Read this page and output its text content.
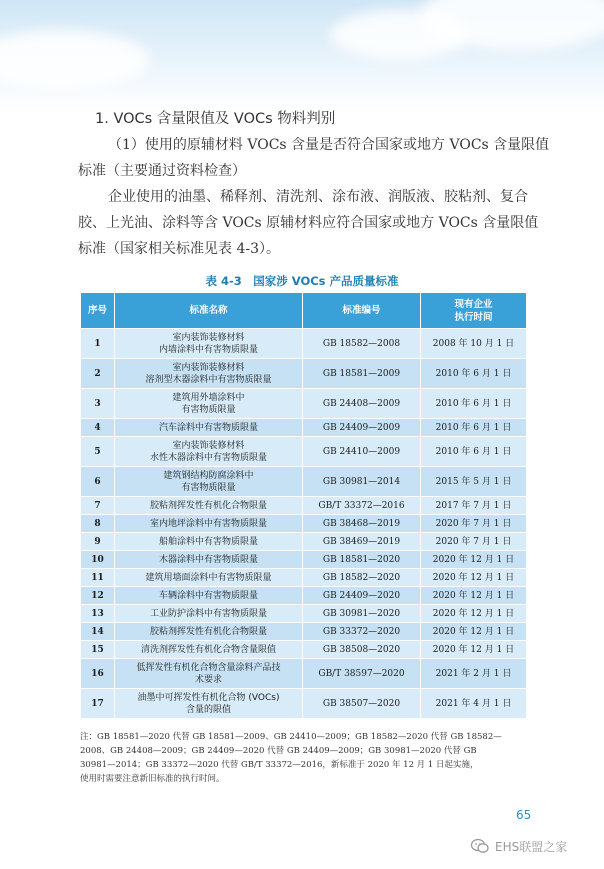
1. VOCs 含量限值及 VOCs 物料判别
（1）使用的原辅材料 VOCs 含量是否符合国家或地方 VOCs 含量限值
标准（主要通过资料检查）
企业使用的油墨、稀释剂、清洗剂、涂布液、润版液、胶粘剂、复合
胶、上光油、涂料等含 VOCs 原辅材料应符合国家或地方 VOCs 含量限值
标准（国家相关标准见表 4-3）。
表 4-3　国家涉 VOCs 产品质量标准
序号	标准名称	标准编号	现有企业
执行时间
1	室内装饰装修材料
内墙涂料中有害物质限量	GB 18582—2008	2008 年 10 月 1 日
2	室内装饰装修材料
溶剂型木器涂料中有害物质限量	GB 18581—2009	2010 年 6 月 1 日
3	建筑用外墙涂料中
有害物质限量	GB 24408—2009	2010 年 6 月 1 日
4	汽车涂料中有害物质限量	GB 24409—2009	2010 年 6 月 1 日
5	室内装饰装修材料
水性木器涂料中有害物质限量	GB 24410—2009	2010 年 6 月 1 日
6	建筑钢结构防腐涂料中
有害物质限量	GB 30981—2014	2015 年 5 月 1 日
7	胶粘剂挥发性有机化合物限量	GB/T 33372—2016	2017 年 7 月 1 日
8	室内地坪涂料中有害物质限量	GB 38468—2019	2020 年 7 月 1 日
9	船舶涂料中有害物质限量	GB 38469—2019	2020 年 7 月 1 日
10	木器涂料中有害物质限量	GB 18581—2020	2020 年 12 月 1 日
11	建筑用墙面涂料中有害物质限量	GB 18582—2020	2020 年 12 月 1 日
12	车辆涂料中有害物质限量	GB 24409—2020	2020 年 12 月 1 日
13	工业防护涂料中有害物质限量	GB 30981—2020	2020 年 12 月 1 日
14	胶粘剂挥发性有机化合物限量	GB 33372—2020	2020 年 12 月 1 日
15	清洗剂挥发性有机化合物含量限值	GB 38508—2020	2020 年 12 月 1 日
16	低挥发性有机化合物含量涂料产品技
术要求	GB/T 38597—2020	2021 年 2 月 1 日
17	油墨中可挥发性有机化合物 (VOCs)
含量的限值	GB 38507—2020	2021 年 4 月 1 日
注：GB 18581—2020 代替 GB 18581—2009、GB 24410—2009；GB 18582—2020 代替 GB 18582—
2008、GB 24408—2009；GB 24409—2020 代替 GB 24409—2009；GB 30981—2020 代替 GB
30981—2014；GB 33372—2020 代替 GB/T 33372—2016，新标准于 2020 年 12 月 1 日起实施，
使用时需要注意新旧标准的执行时间。
65
EHS联盟之家
